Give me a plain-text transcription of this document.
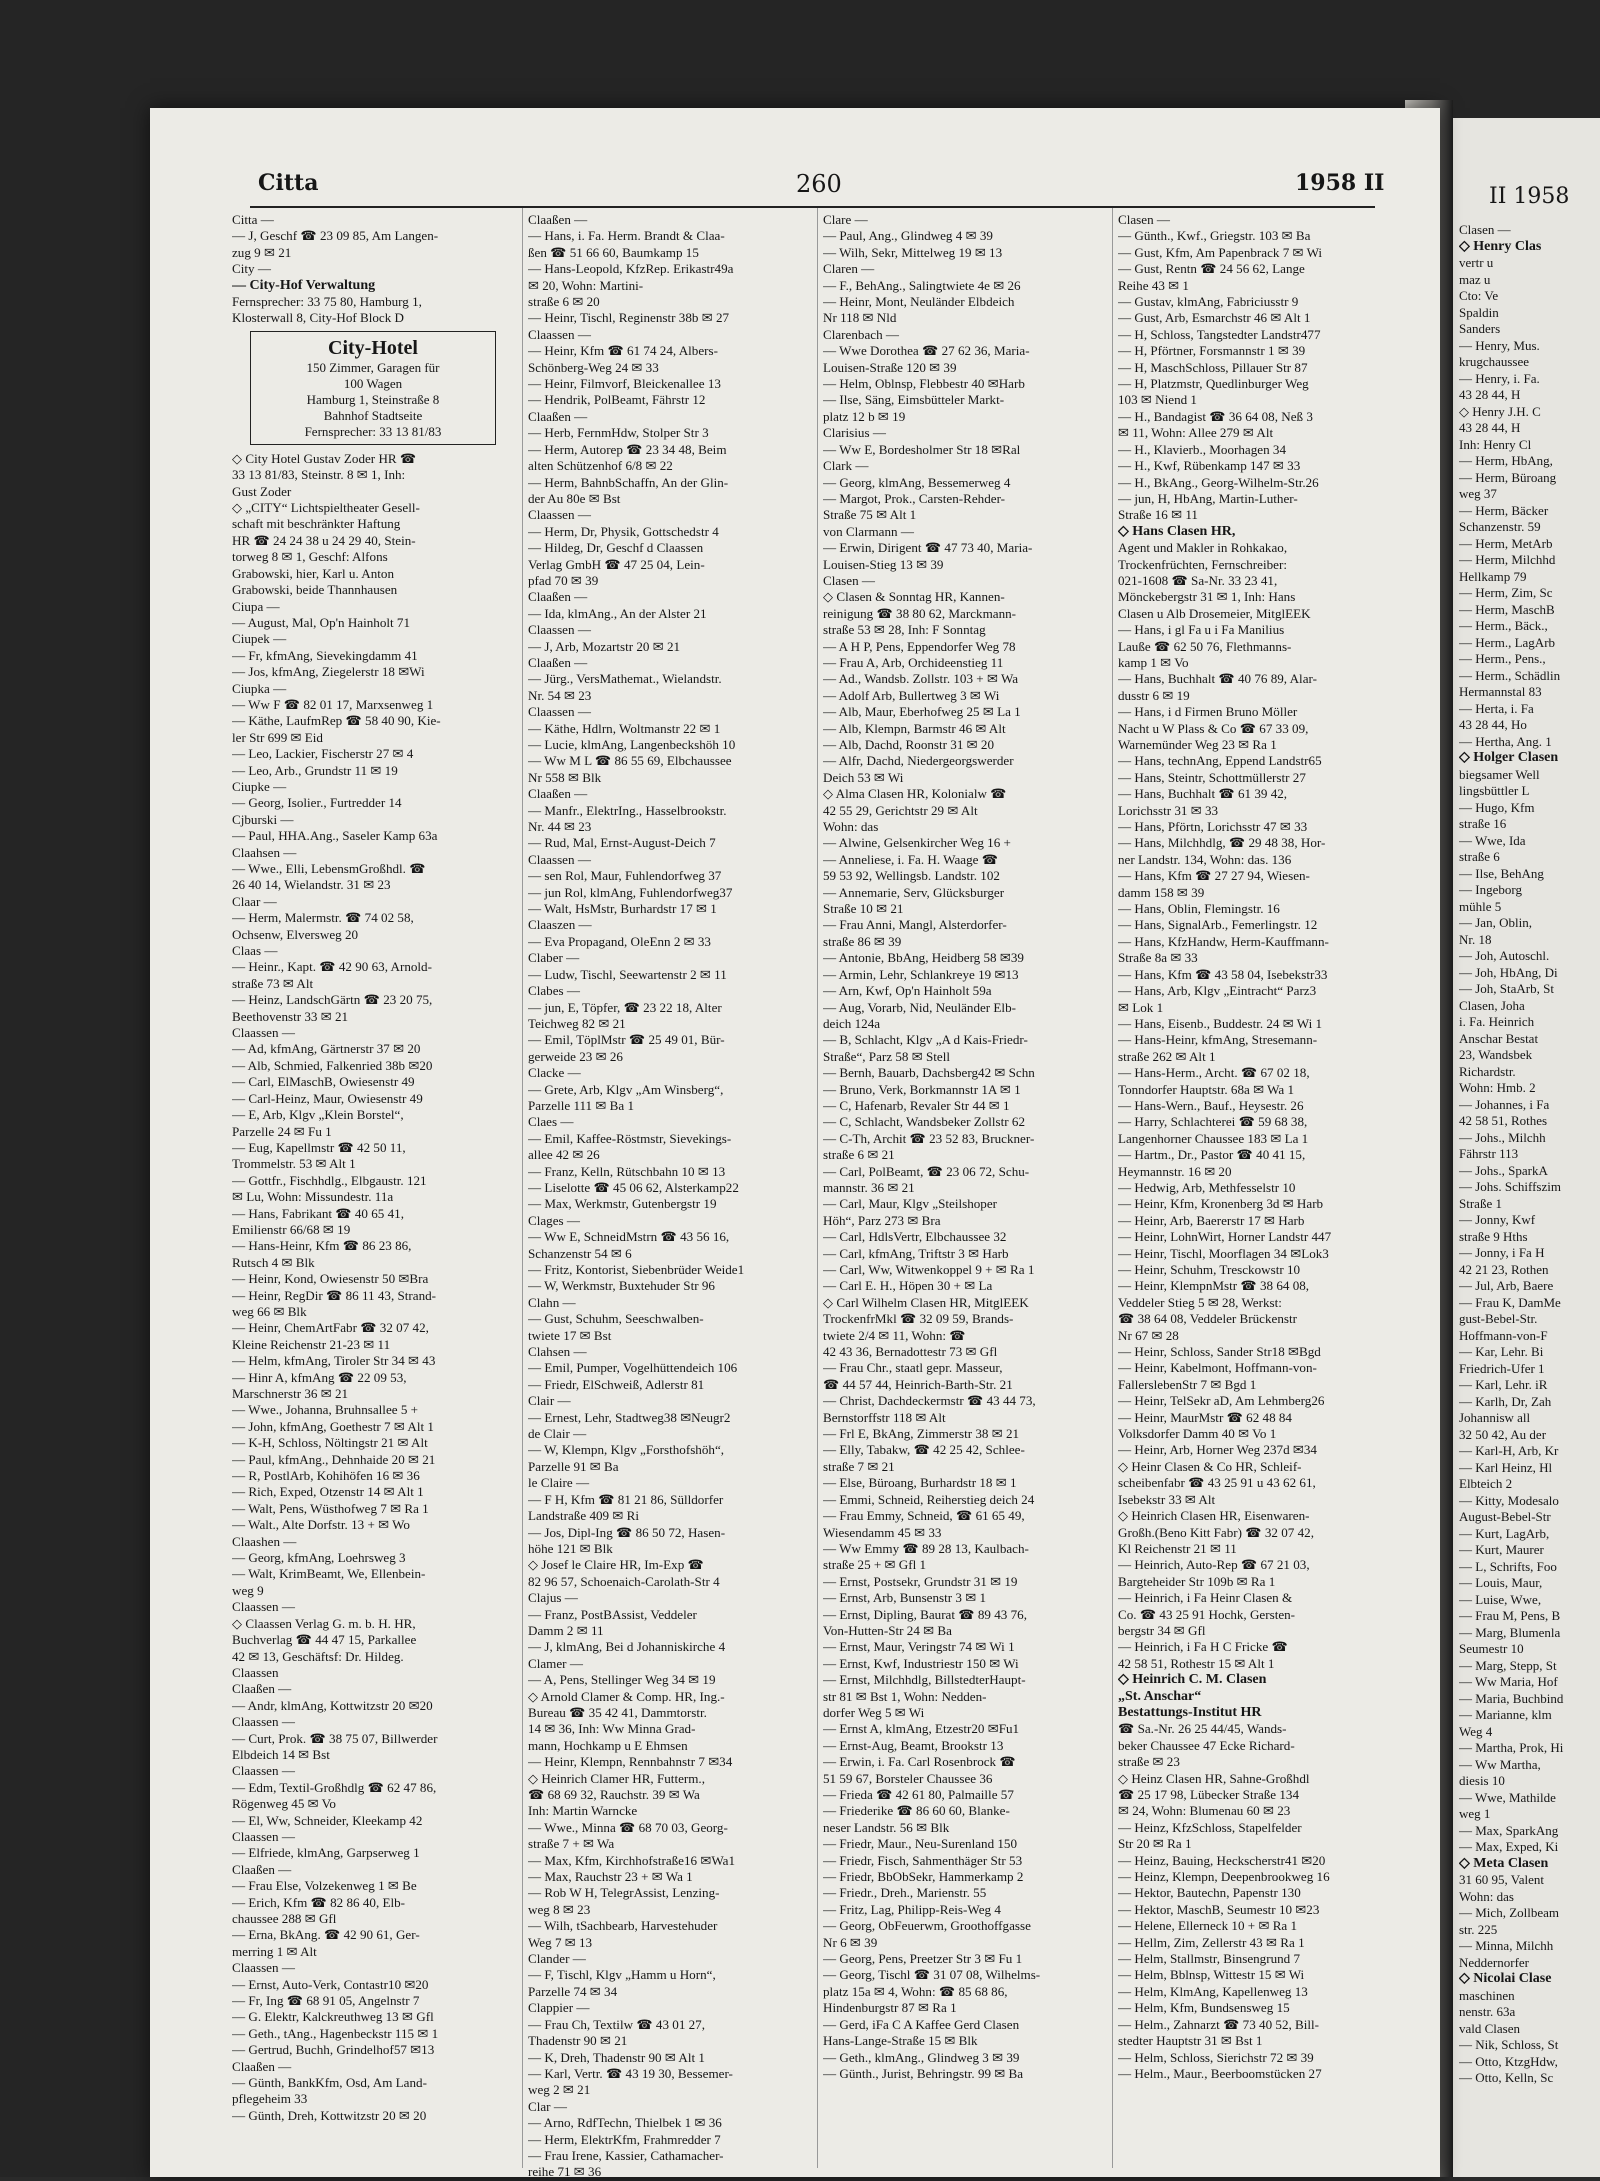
II 1958

Clasen —

◇ Henry Clas

vertr u

maz u

Cto: Ve

Spaldin

Sanders

— Henry, Mus.

krugchaussee

— Henry, i. Fa.

43 28 44, H

◇ Henry J.H. C

43 28 44, H

Inh: Henry Cl

— Herm, HbAng,

— Herm, Büroang

weg 37

— Herm, Bäcker

Schanzenstr. 59

— Herm, MetArb

— Herm, Milchhd

Hellkamp 79

— Herm, Zim, Sc

— Herm, MaschB

— Herm., Bäck.,

— Herm., LagArb

— Herm., Pens.,

— Herm., Schädlin

Hermannstal 83

— Herta, i. Fa

43 28 44, Ho

— Hertha, Ang. 1

◇ Holger Clasen

biegsamer Well

lingsbüttler L

— Hugo, Kfm

straße 16

— Wwe, Ida

straße 6

— Ilse, BehAng

— Ingeborg

mühle 5

— Jan, Oblin,

Nr. 18

— Joh, Autoschl.

— Joh, HbAng, Di

— Joh, StaArb, St

Clasen, Joha

i. Fa. Heinrich

Anschar Bestat

23, Wandsbek

Richardstr.

Wohn: Hmb. 2

— Johannes, i Fa

42 58 51, Rothes

— Johs., Milchh

Fährstr 113

— Johs., SparkA

— Johs. Schiffszim

Straße 1

— Jonny, Kwf

straße 9 Hths

— Jonny, i Fa H

42 21 23, Rothen

— Jul, Arb, Baere

— Frau K, DamMe

gust-Bebel-Str.

Hoffmann-von-F

— Kar, Lehr. Bi

Friedrich-Ufer 1

— Karl, Lehr. iR

— Karlh, Dr, Zah

Johannisw all

32 50 42, Au der

— Karl-H, Arb, Kr

— Karl Heinz, Hl

Elbteich 2

— Kitty, Modesalo

August-Bebel-Str

— Kurt, LagArb,

— Kurt, Maurer

— L, Schrifts, Foo

— Louis, Maur,

— Luise, Wwe,

— Frau M, Pens, B

— Marg, Blumenla

Seumestr 10

— Marg, Stepp, St

— Ww Maria, Hof

— Maria, Buchbind

— Marianne, klm

Weg 4

— Martha, Prok, Hi

— Ww Martha,

diesis 10

— Wwe, Mathilde

weg 1

— Max, SparkAng

— Max, Exped, Ki

◇ Meta Clasen

31 60 95, Valent

Wohn: das

— Mich, Zollbeam

str. 225

— Minna, Milchh

Neddernorfer

◇ Nicolai Clase

maschinen

nenstr. 63a

vald Clasen

— Nik, Schloss, St

— Otto, KtzgHdw,

— Otto, Kelln, Sc

Citta	260	1958 II

Citta —

— J, Geschf ☎ 23 09 85, Am Langen-

zug 9 ✉ 21

City —

— City-Hof Verwaltung

Fernsprecher: 33 75 80, Hamburg 1,

Klosterwall 8, City-Hof Block D

City-Hotel
150 Zimmer, Garagen für
100 Wagen
Hamburg 1, Steinstraße 8
Bahnhof Stadtseite
Fernsprecher: 33 13 81/83

◇ City Hotel Gustav Zoder HR ☎

33 13 81/83, Steinstr. 8 ✉ 1, Inh:

Gust Zoder

◇ „CITY“ Lichtspieltheater Gesell-

schaft mit beschränkter Haftung

HR ☎ 24 24 38 u 24 29 40, Stein-

torweg 8 ✉ 1, Geschf: Alfons

Grabowski, hier, Karl u. Anton

Grabowski, beide Thannhausen

Ciupa —

— August, Mal, Op'n Hainholt 71

Ciupek —

— Fr, kfmAng, Sievekingdamm 41

— Jos, kfmAng, Ziegelerstr 18 ✉Wi

Ciupka —

— Ww F ☎ 82 01 17, Marxsenweg 1

— Käthe, LaufmRep ☎ 58 40 90, Kie-

ler Str 699 ✉ Eid

— Leo, Lackier, Fischerstr 27 ✉ 4

— Leo, Arb., Grundstr 11 ✉ 19

Ciupke —

— Georg, Isolier., Furtredder 14

Cjburski —

— Paul, HHA.Ang., Saseler Kamp 63a

Claahsen —

— Wwe., Elli, LebensmGroßhdl. ☎

26 40 14, Wielandstr. 31 ✉ 23

Claar —

— Herm, Malermstr. ☎ 74 02 58,

Ochsenw, Elversweg 20

Claas —

— Heinr., Kapt. ☎ 42 90 63, Arnold-

straße 73 ✉ Alt

— Heinz, LandschGärtn ☎ 23 20 75,

Beethovenstr 33 ✉ 21

Claassen —

— Ad, kfmAng, Gärtnerstr 37 ✉ 20

— Alb, Schmied, Falkenried 38b ✉20

— Carl, ElMaschB, Owiesenstr 49

— Carl-Heinz, Maur, Owiesenstr 49

— E, Arb, Klgv „Klein Borstel“,

Parzelle 24 ✉ Fu 1

— Eug, Kapellmstr ☎ 42 50 11,

Trommelstr. 53 ✉ Alt 1

— Gottfr., Fischhdlg., Elbgaustr. 121

✉ Lu, Wohn: Missundestr. 11a

— Hans, Fabrikant ☎ 40 65 41,

Emilienstr 66/68 ✉ 19

— Hans-Heinr, Kfm ☎ 86 23 86,

Rutsch 4 ✉ Blk

— Heinr, Kond, Owiesenstr 50 ✉Bra

— Heinr, RegDir ☎ 86 11 43, Strand-

weg 66 ✉ Blk

— Heinr, ChemArtFabr ☎ 32 07 42,

Kleine Reichenstr 21-23 ✉ 11

— Helm, kfmAng, Tiroler Str 34 ✉ 43

— Hinr A, kfmAng ☎ 22 09 53,

Marschnerstr 36 ✉ 21

— Wwe., Johanna, Bruhnsallee 5 +

— John, kfmAng, Goethestr 7 ✉ Alt 1

— K-H, Schloss, Nöltingstr 21 ✉ Alt

— Paul, kfmAng., Dehnhaide 20 ✉ 21

— R, PostlArb, Kohihöfen 16 ✉ 36

— Rich, Exped, Otzenstr 14 ✉ Alt 1

— Walt, Pens, Wüsthofweg 7 ✉ Ra 1

— Walt., Alte Dorfstr. 13 + ✉ Wo

Claashen —

— Georg, kfmAng, Loehrsweg 3

— Walt, KrimBeamt, We, Ellenbein-

weg 9

Claassen —

◇ Claassen Verlag G. m. b. H. HR,

Buchverlag ☎ 44 47 15, Parkallee

42 ✉ 13, Geschäftsf: Dr. Hildeg.

Claassen

Claaßen —

— Andr, klmAng, Kottwitzstr 20 ✉20

Claassen —

— Curt, Prok. ☎ 38 75 07, Billwerder

Elbdeich 14 ✉ Bst

Claassen —

— Edm, Textil-Großhdlg ☎ 62 47 86,

Rögenweg 45 ✉ Vo

— El, Ww, Schneider, Kleekamp 42

Claassen —

— Elfriede, klmAng, Garpserweg 1

Claaßen —

— Frau Else, Volzekenweg 1 ✉ Be

— Erich, Kfm ☎ 82 86 40, Elb-

chaussee 288 ✉ Gfl

— Erna, BkAng. ☎ 42 90 61, Ger-

merring 1 ✉ Alt

Claassen —

— Ernst, Auto-Verk, Contastr10 ✉20

— Fr, Ing ☎ 68 91 05, Angelnstr 7

— G. Elektr, Kalckreuthweg 13 ✉ Gfl

— Geth., tAng., Hagenbeckstr 115 ✉ 1

— Gertrud, Buchh, Grindelhof57 ✉13

Claaßen —

— Günth, BankKfm, Osd, Am Land-

pflegeheim 33

— Günth, Dreh, Kottwitzstr 20 ✉ 20

Claaßen —

— Hans, i. Fa. Herm. Brandt & Claa-

ßen ☎ 51 66 60, Baumkamp 15

— Hans-Leopold, KfzRep. Erikastr49a

✉ 20, Wohn: Martini-

straße 6 ✉ 20

— Heinr, Tischl, Reginenstr 38b ✉ 27

Claassen —

— Heinr, Kfm ☎ 61 74 24, Albers-

Schönberg-Weg 24 ✉ 33

— Heinr, Filmvorf, Bleickenallee 13

— Hendrik, PolBeamt, Fährstr 12

Claaßen —

— Herb, FernmHdw, Stolper Str 3

— Herm, Autorep ☎ 23 34 48, Beim

alten Schützenhof 6/8 ✉ 22

— Herm, BahnbSchaffn, An der Glin-

der Au 80e ✉ Bst

Claassen —

— Herm, Dr, Physik, Gottschedstr 4

— Hildeg, Dr, Geschf d Claassen

Verlag GmbH ☎ 47 25 04, Lein-

pfad 70 ✉ 39

Claaßen —

— Ida, klmAng., An der Alster 21

Claassen —

— J, Arb, Mozartstr 20 ✉ 21

Claaßen —

— Jürg., VersMathemat., Wielandstr.

Nr. 54 ✉ 23

Claassen —

— Käthe, Hdlrn, Woltmanstr 22 ✉ 1

— Lucie, klmAng, Langenbeckshöh 10

— Ww M L ☎ 86 55 69, Elbchaussee

Nr 558 ✉ Blk

Claaßen —

— Manfr., ElektrIng., Hasselbrookstr.

Nr. 44 ✉ 23

— Rud, Mal, Ernst-August-Deich 7

Claassen —

— sen Rol, Maur, Fuhlendorfweg 37

— jun Rol, klmAng, Fuhlendorfweg37

— Walt, HsMstr, Burhardstr 17 ✉ 1

Claaszen —

— Eva Propagand, OleEnn 2 ✉ 33

Claber —

— Ludw, Tischl, Seewartenstr 2 ✉ 11

Clabes —

— jun, E, Töpfer, ☎ 23 22 18, Alter

Teichweg 82 ✉ 21

— Emil, TöplMstr ☎ 25 49 01, Bür-

gerweide 23 ✉ 26

Clacke —

— Grete, Arb, Klgv „Am Winsberg“,

Parzelle 111 ✉ Ba 1

Claes —

— Emil, Kaffee-Röstmstr, Sievekings-

allee 42 ✉ 26

— Franz, Kelln, Rütschbahn 10 ✉ 13

— Liselotte ☎ 45 06 62, Alsterkamp22

— Max, Werkmstr, Gutenbergstr 19

Clages —

— Ww E, SchneidMstrn ☎ 43 56 16,

Schanzenstr 54 ✉ 6

— Fritz, Kontorist, Siebenbrüder Weide1

— W, Werkmstr, Buxtehuder Str 96

Clahn —

— Gust, Schuhm, Seeschwalben-

twiete 17 ✉ Bst

Clahsen —

— Emil, Pumper, Vogelhüttendeich 106

— Friedr, ElSchweiß, Adlerstr 81

Clair —

— Ernest, Lehr, Stadtweg38 ✉Neugr2

de Clair —

— W, Klempn, Klgv „Forsthofshöh“,

Parzelle 91 ✉ Ba

le Claire —

— F H, Kfm ☎ 81 21 86, Sülldorfer

Landstraße 409 ✉ Ri

— Jos, Dipl-Ing ☎ 86 50 72, Hasen-

höhe 121 ✉ Blk

◇ Josef le Claire HR, Im-Exp ☎

82 96 57, Schoenaich-Carolath-Str 4

Clajus —

— Franz, PostBAssist, Veddeler

Damm 2 ✉ 11

— J, klmAng, Bei d Johanniskirche 4

Clamer —

— A, Pens, Stellinger Weg 34 ✉ 19

◇ Arnold Clamer & Comp. HR, Ing.-

Bureau ☎ 35 42 41, Dammtorstr.

14 ✉ 36, Inh: Ww Minna Grad-

mann, Hochkamp u E Ehmsen

— Heinr, Klempn, Rennbahnstr 7 ✉34

◇ Heinrich Clamer HR, Futterm.,

☎ 68 69 32, Rauchstr. 39 ✉ Wa

Inh: Martin Warncke

— Wwe., Minna ☎ 68 70 03, Georg-

straße 7 + ✉ Wa

— Max, Kfm, Kirchhofstraße16 ✉Wa1

— Max, Rauchstr 23 + ✉ Wa 1

— Rob W H, TelegrAssist, Lenzing-

weg 8 ✉ 23

— Wilh, tSachbearb, Harvestehuder

Weg 7 ✉ 13

Clander —

— F, Tischl, Klgv „Hamm u Horn“,

Parzelle 74 ✉ 34

Clappier —

— Frau Ch, Textilw ☎ 43 01 27,

Thadenstr 90 ✉ 21

— K, Dreh, Thadenstr 90 ✉ Alt 1

— Karl, Vertr. ☎ 43 19 30, Bessemer-

weg 2 ✉ 21

Clar —

— Arno, RdfTechn, Thielbek 1 ✉ 36

— Herm, ElektrKfm, Frahmredder 7

— Frau Irene, Kassier, Cathamacher-

reihe 71 ✉ 36

Clare —

— Paul, Ang., Glindweg 4 ✉ 39

— Wilh, Sekr, Mittelweg 19 ✉ 13

Claren —

— F., BehAng., Salingtwiete 4e ✉ 26

— Heinr, Mont, Neuländer Elbdeich

Nr 118 ✉ Nld

Clarenbach —

— Wwe Dorothea ☎ 27 62 36, Maria-

Louisen-Straße 120 ✉ 39

— Helm, Oblnsp, Flebbestr 40 ✉Harb

— Ilse, Säng, Eimsbütteler Markt-

platz 12 b ✉ 19

Clarisius —

— Ww E, Bordesholmer Str 18 ✉Ral

Clark —

— Georg, klmAng, Bessemerweg 4

— Margot, Prok., Carsten-Rehder-

Straße 75 ✉ Alt 1

von Clarmann —

— Erwin, Dirigent ☎ 47 73 40, Maria-

Louisen-Stieg 13 ✉ 39

Clasen —

◇ Clasen & Sonntag HR, Kannen-

reinigung ☎ 38 80 62, Marckmann-

straße 53 ✉ 28, Inh: F Sonntag

— A H P, Pens, Eppendorfer Weg 78

— Frau A, Arb, Orchideenstieg 11

— Ad., Wandsb. Zollstr. 103 + ✉ Wa

— Adolf Arb, Bullertweg 3 ✉ Wi

— Alb, Maur, Eberhofweg 25 ✉ La 1

— Alb, Klempn, Barmstr 46 ✉ Alt

— Alb, Dachd, Roonstr 31 ✉ 20

— Alfr, Dachd, Niedergeorgswerder

Deich 53 ✉ Wi

◇ Alma Clasen HR, Kolonialw ☎

42 55 29, Gerichtstr 29 ✉ Alt

Wohn: das

— Alwine, Gelsenkircher Weg 16 +

— Anneliese, i. Fa. H. Waage ☎

59 53 92, Wellingsb. Landstr. 102

— Annemarie, Serv, Glücksburger

Straße 10 ✉ 21

— Frau Anni, Mangl, Alsterdorfer-

straße 86 ✉ 39

— Antonie, BbAng, Heidberg 58 ✉39

— Armin, Lehr, Schlankreye 19 ✉13

— Arn, Kwf, Op'n Hainholt 59a

— Aug, Vorarb, Nid, Neuländer Elb-

deich 124a

— B, Schlacht, Klgv „A d Kais-Friedr-

Straße“, Parz 58 ✉ Stell

— Bernh, Bauarb, Dachsberg42 ✉ Schn

— Bruno, Verk, Borkmannstr 1A ✉ 1

— C, Hafenarb, Revaler Str 44 ✉ 1

— C, Schlacht, Wandsbeker Zollstr 62

— C-Th, Archit ☎ 23 52 83, Bruckner-

straße 6 ✉ 21

— Carl, PolBeamt, ☎ 23 06 72, Schu-

mannstr. 36 ✉ 21

— Carl, Maur, Klgv „Steilshoper

Höh“, Parz 273 ✉ Bra

— Carl, HdlsVertr, Elbchaussee 32

— Carl, kfmAng, Triftstr 3 ✉ Harb

— Carl, Ww, Witwenkoppel 9 + ✉ Ra 1

— Carl E. H., Höpen 30 + ✉ La

◇ Carl Wilhelm Clasen HR, MitglEEK

TrockenfrMkl ☎ 32 09 59, Brands-

twiete 2/4 ✉ 11, Wohn: ☎

42 43 36, Bernadottestr 73 ✉ Gfl

— Frau Chr., staatl gepr. Masseur,

☎ 44 57 44, Heinrich-Barth-Str. 21

— Christ, Dachdeckermstr ☎ 43 44 73,

Bernstorffstr 118 ✉ Alt

— Frl E, BkAng, Zimmerstr 38 ✉ 21

— Elly, Tabakw, ☎ 42 25 42, Schlee-

straße 7 ✉ 21

— Else, Büroang, Burhardstr 18 ✉ 1

— Emmi, Schneid, Reiherstieg deich 24

— Frau Emmy, Schneid, ☎ 61 65 49,

Wiesendamm 45 ✉ 33

— Ww Emmy ☎ 89 28 13, Kaulbach-

straße 25 + ✉ Gfl 1

— Ernst, Postsekr, Grundstr 31 ✉ 19

— Ernst, Arb, Bunsenstr 3 ✉ 1

— Ernst, Dipling, Baurat ☎ 89 43 76,

Von-Hutten-Str 24 ✉ Ba

— Ernst, Maur, Veringstr 74 ✉ Wi 1

— Ernst, Kwf, Industriestr 150 ✉ Wi

— Ernst, Milchhdlg, BillstedterHaupt-

str 81 ✉ Bst 1, Wohn: Nedden-

dorfer Weg 5 ✉ Wi

— Ernst A, klmAng, Etzestr20 ✉Fu1

— Ernst-Aug, Beamt, Brookstr 13

— Erwin, i. Fa. Carl Rosenbrock ☎

51 59 67, Borsteler Chaussee 36

— Frieda ☎ 42 61 80, Palmaille 57

— Friederike ☎ 86 60 60, Blanke-

neser Landstr. 56 ✉ Blk

— Friedr, Maur., Neu-Surenland 150

— Friedr, Fisch, Sahmenthäger Str 53

— Friedr, BbObSekr, Hammerkamp 2

— Friedr., Dreh., Marienstr. 55

— Fritz, Lag, Philipp-Reis-Weg 4

— Georg, ObFeuerwm, Groothoffgasse

Nr 6 ✉ 39

— Georg, Pens, Preetzer Str 3 ✉ Fu 1

— Georg, Tischl ☎ 31 07 08, Wilhelms-

platz 15a ✉ 4, Wohn: ☎ 85 68 86,

Hindenburgstr 87 ✉ Ra 1

— Gerd, iFa C A Kaffee Gerd Clasen

Hans-Lange-Straße 15 ✉ Blk

— Geth., klmAng., Glindweg 3 ✉ 39

— Günth., Jurist, Behringstr. 99 ✉ Ba

Clasen —

— Günth., Kwf., Griegstr. 103 ✉ Ba

— Gust, Kfm, Am Papenbrack 7 ✉ Wi

— Gust, Rentn ☎ 24 56 62, Lange

Reihe 43 ✉ 1

— Gustav, klmAng, Fabriciusstr 9

— Gust, Arb, Esmarchstr 46 ✉ Alt 1

— H, Schloss, Tangstedter Landstr477

— H, Pförtner, Forsmannstr 1 ✉ 39

— H, MaschSchloss, Pillauer Str 87

— H, Platzmstr, Quedlinburger Weg

103 ✉ Niend 1

— H., Bandagist ☎ 36 64 08, Neß 3

✉ 11, Wohn: Allee 279 ✉ Alt

— H., Klavierb., Moorhagen 34

— H., Kwf, Rübenkamp 147 ✉ 33

— H., BkAng., Georg-Wilhelm-Str.26

— jun, H, HbAng, Martin-Luther-

Straße 16 ✉ 11

◇ Hans Clasen HR,

Agent und Makler in Rohkakao,

Trockenfrüchten, Fernschreiber:

021-1608 ☎ Sa-Nr. 33 23 41,

Mönckebergstr 31 ✉ 1, Inh: Hans

Clasen u Alb Drosemeier, MitglEEK

— Hans, i gl Fa u i Fa Manilius

Lauße ☎ 62 50 76, Flethmanns-

kamp 1 ✉ Vo

— Hans, Buchhalt ☎ 40 76 89, Alar-

dusstr 6 ✉ 19

— Hans, i d Firmen Bruno Möller

Nacht u W Plass & Co ☎ 67 33 09,

Warnemünder Weg 23 ✉ Ra 1

— Hans, technAng, Eppend Landstr65

— Hans, Steintr, Schottmüllerstr 27

— Hans, Buchhalt ☎ 61 39 42,

Lorichsstr 31 ✉ 33

— Hans, Pförtn, Lorichsstr 47 ✉ 33

— Hans, Milchhdlg, ☎ 29 48 38, Hor-

ner Landstr. 134, Wohn: das. 136

— Hans, Kfm ☎ 27 27 94, Wiesen-

damm 158 ✉ 39

— Hans, Oblin, Flemingstr. 16

— Hans, SignalArb., Femerlingstr. 12

— Hans, KfzHandw, Herm-Kauffmann-

Straße 8a ✉ 33

— Hans, Kfm ☎ 43 58 04, Isebekstr33

— Hans, Arb, Klgv „Eintracht“ Parz3

✉ Lok 1

— Hans, Eisenb., Buddestr. 24 ✉ Wi 1

— Hans-Heinr, kfmAng, Stresemann-

straße 262 ✉ Alt 1

— Hans-Herm., Archt. ☎ 67 02 18,

Tonndorfer Hauptstr. 68a ✉ Wa 1

— Hans-Wern., Bauf., Heysestr. 26

— Harry, Schlachterei ☎ 59 68 38,

Langenhorner Chaussee 183 ✉ La 1

— Hartm., Dr., Pastor ☎ 40 41 15,

Heymannstr. 16 ✉ 20

— Hedwig, Arb, Methfesselstr 10

— Heinr, Kfm, Kronenberg 3d ✉ Harb

— Heinr, Arb, Baererstr 17 ✉ Harb

— Heinr, LohnWirt, Horner Landstr 447

— Heinr, Tischl, Moorflagen 34 ✉Lok3

— Heinr, Schuhm, Tresckowstr 10

— Heinr, KlempnMstr ☎ 38 64 08,

Veddeler Stieg 5 ✉ 28, Werkst:

☎ 38 64 08, Veddeler Brückenstr

Nr 67 ✉ 28

— Heinr, Schloss, Sander Str18 ✉Bgd

— Heinr, Kabelmont, Hoffmann-von-

FallerslebenStr 7 ✉ Bgd 1

— Heinr, TelSekr aD, Am Lehmberg26

— Heinr, MaurMstr ☎ 62 48 84

Volksdorfer Damm 40 ✉ Vo 1

— Heinr, Arb, Horner Weg 237d ✉34

◇ Heinr Clasen & Co HR, Schleif-

scheibenfabr ☎ 43 25 91 u 43 62 61,

Isebekstr 33 ✉ Alt

◇ Heinrich Clasen HR, Eisenwaren-

Großh.(Beno Kitt Fabr) ☎ 32 07 42,

Kl Reichenstr 21 ✉ 11

— Heinrich, Auto-Rep ☎ 67 21 03,

Bargteheider Str 109b ✉ Ra 1

— Heinrich, i Fa Heinr Clasen &

Co. ☎ 43 25 91 Hochk, Gersten-

bergstr 34 ✉ Gfl

— Heinrich, i Fa H C Fricke ☎

42 58 51, Rothestr 15 ✉ Alt 1

◇ Heinrich C. M. Clasen

„St. Anschar“

Bestattungs-Institut HR

☎ Sa.-Nr. 26 25 44/45, Wands-

beker Chaussee 47 Ecke Richard-

straße ✉ 23

◇ Heinz Clasen HR, Sahne-Großhdl

☎ 25 17 98, Lübecker Straße 134

✉ 24, Wohn: Blumenau 60 ✉ 23

— Heinz, KfzSchloss, Stapelfelder

Str 20 ✉ Ra 1

— Heinz, Bauing, Heckscherstr41 ✉20

— Heinz, Klempn, Deepenbrookweg 16

— Hektor, Bautechn, Papenstr 130

— Hektor, MaschB, Seumestr 10 ✉23

— Helene, Ellerneck 10 + ✉ Ra 1

— Hellm, Zim, Zellerstr 43 ✉ Ra 1

— Helm, Stallmstr, Binsengrund 7

— Helm, Bblnsp, Wittestr 15 ✉ Wi

— Helm, KlmAng, Kapellenweg 13

— Helm, Kfm, Bundsensweg 15

— Helm., Zahnarzt ☎ 73 40 52, Bill-

stedter Hauptstr 31 ✉ Bst 1

— Helm, Schloss, Sierichstr 72 ✉ 39

— Helm., Maur., Beerboomstücken 27
